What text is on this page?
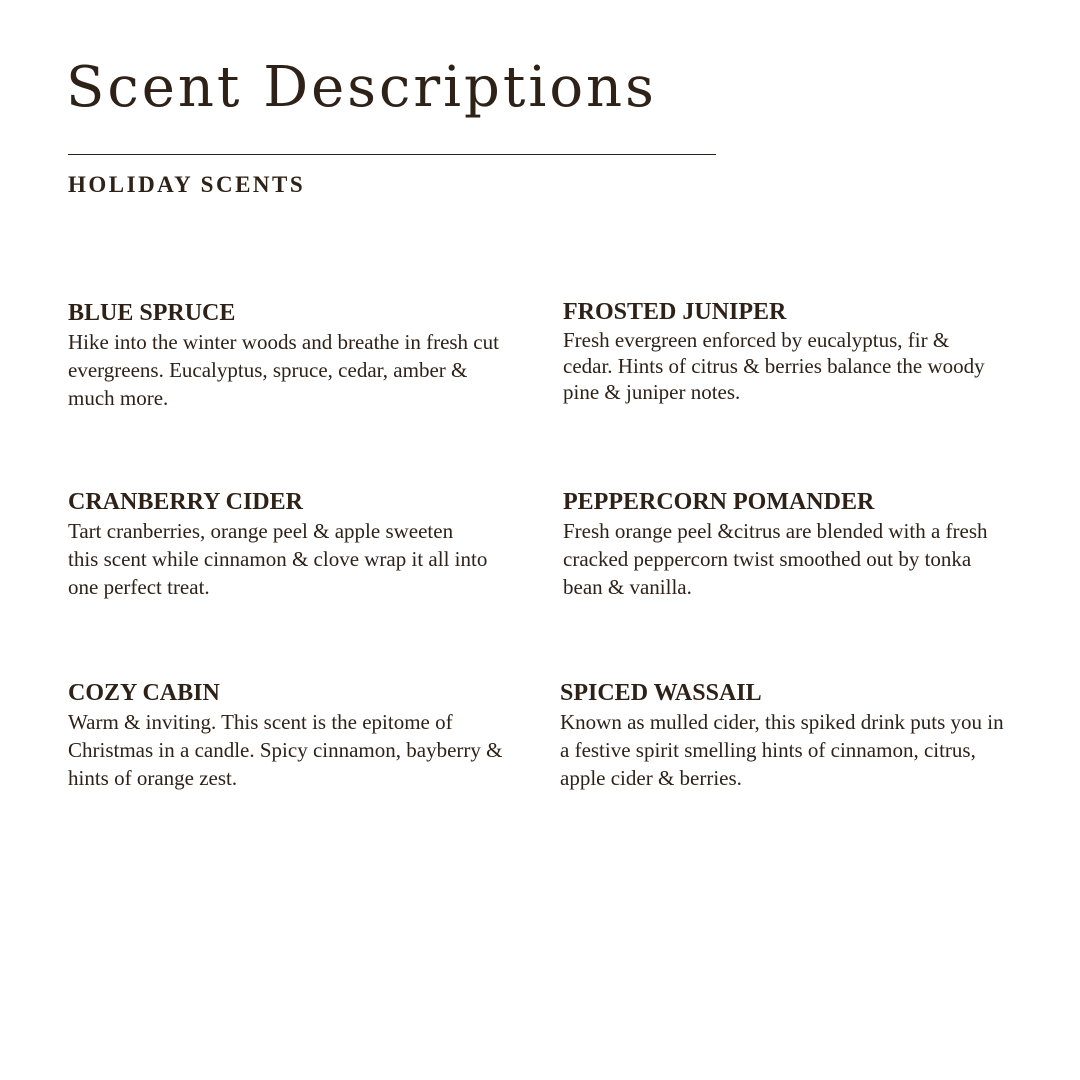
Scent Descriptions
HOLIDAY SCENTS
BLUE SPRUCE

Hike into the winter woods and breathe in fresh cut evergreens. Eucalyptus, spruce, cedar, amber & much more.

FROSTED JUNIPER

Fresh evergreen enforced by eucalyptus, fir & cedar. Hints of citrus & berries balance the woody pine & juniper notes.

CRANBERRY CIDER

Tart cranberries, orange peel & apple sweeten this scent while cinnamon & clove wrap it all into one perfect treat.

PEPPERCORN POMANDER

Fresh orange peel &citrus are blended with a fresh cracked peppercorn twist smoothed out by tonka bean & vanilla.

COZY CABIN

Warm & inviting. This scent is the epitome of Christmas in a candle. Spicy cinnamon, bayberry & hints of orange zest.

SPICED WASSAIL

Known as mulled cider, this spiked drink puts you in a festive spirit smelling hints of cinnamon, citrus, apple cider & berries.
